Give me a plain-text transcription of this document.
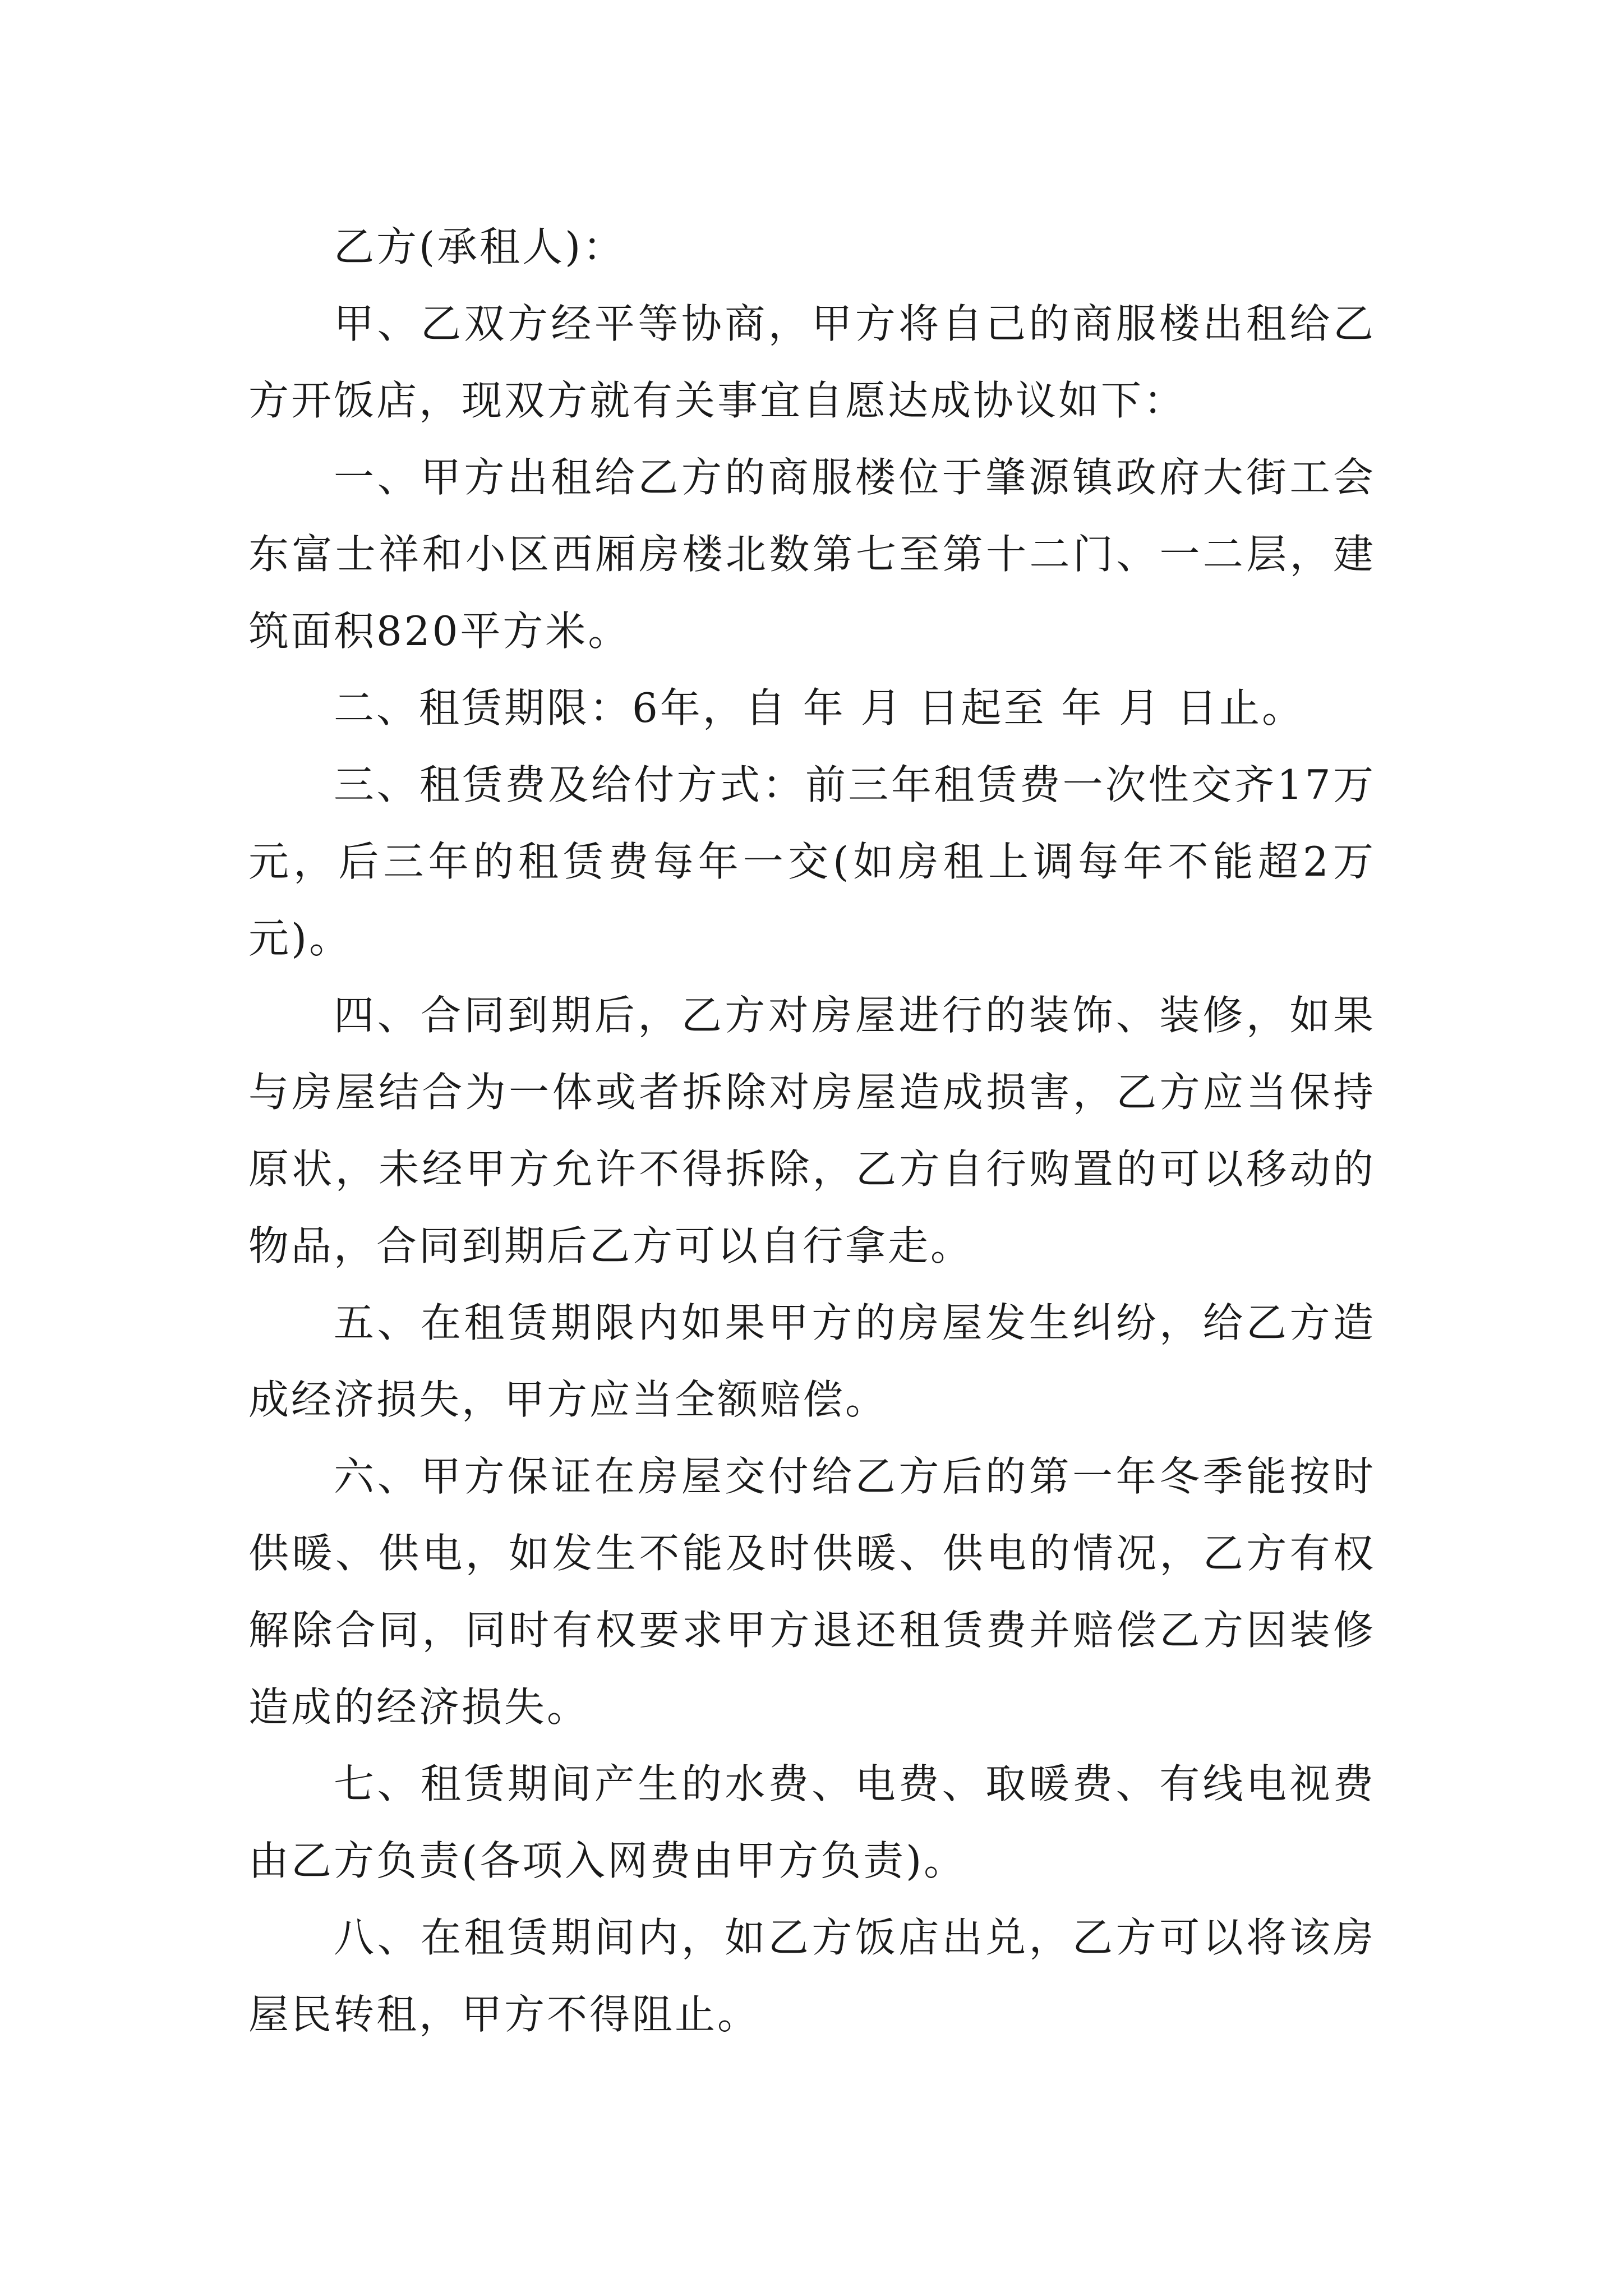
乙方(承租人)：

甲、乙双方经平等协商，甲方将自己的商服楼出租给乙方开饭店，现双方就有关事宜自愿达成协议如下：

一、甲方出租给乙方的商服楼位于肇源镇政府大街工会东富士祥和小区西厢房楼北数第七至第十二门、一二层，建筑面积820平方米。

二、租赁期限：6年，自 年 月 日起至 年 月 日止。

三、租赁费及给付方式：前三年租赁费一次性交齐17万元，后三年的租赁费每年一交(如房租上调每年不能超2万元)。

四、合同到期后，乙方对房屋进行的装饰、装修，如果与房屋结合为一体或者拆除对房屋造成损害，乙方应当保持原状，未经甲方允许不得拆除，乙方自行购置的可以移动的物品，合同到期后乙方可以自行拿走。

五、在租赁期限内如果甲方的房屋发生纠纷，给乙方造成经济损失，甲方应当全额赔偿。

六、甲方保证在房屋交付给乙方后的第一年冬季能按时供暖、供电，如发生不能及时供暖、供电的情况，乙方有权解除合同，同时有权要求甲方退还租赁费并赔偿乙方因装修造成的经济损失。

七、租赁期间产生的水费、电费、取暖费、有线电视费由乙方负责(各项入网费由甲方负责)。

八、在租赁期间内，如乙方饭店出兑，乙方可以将该房屋民转租，甲方不得阻止。
